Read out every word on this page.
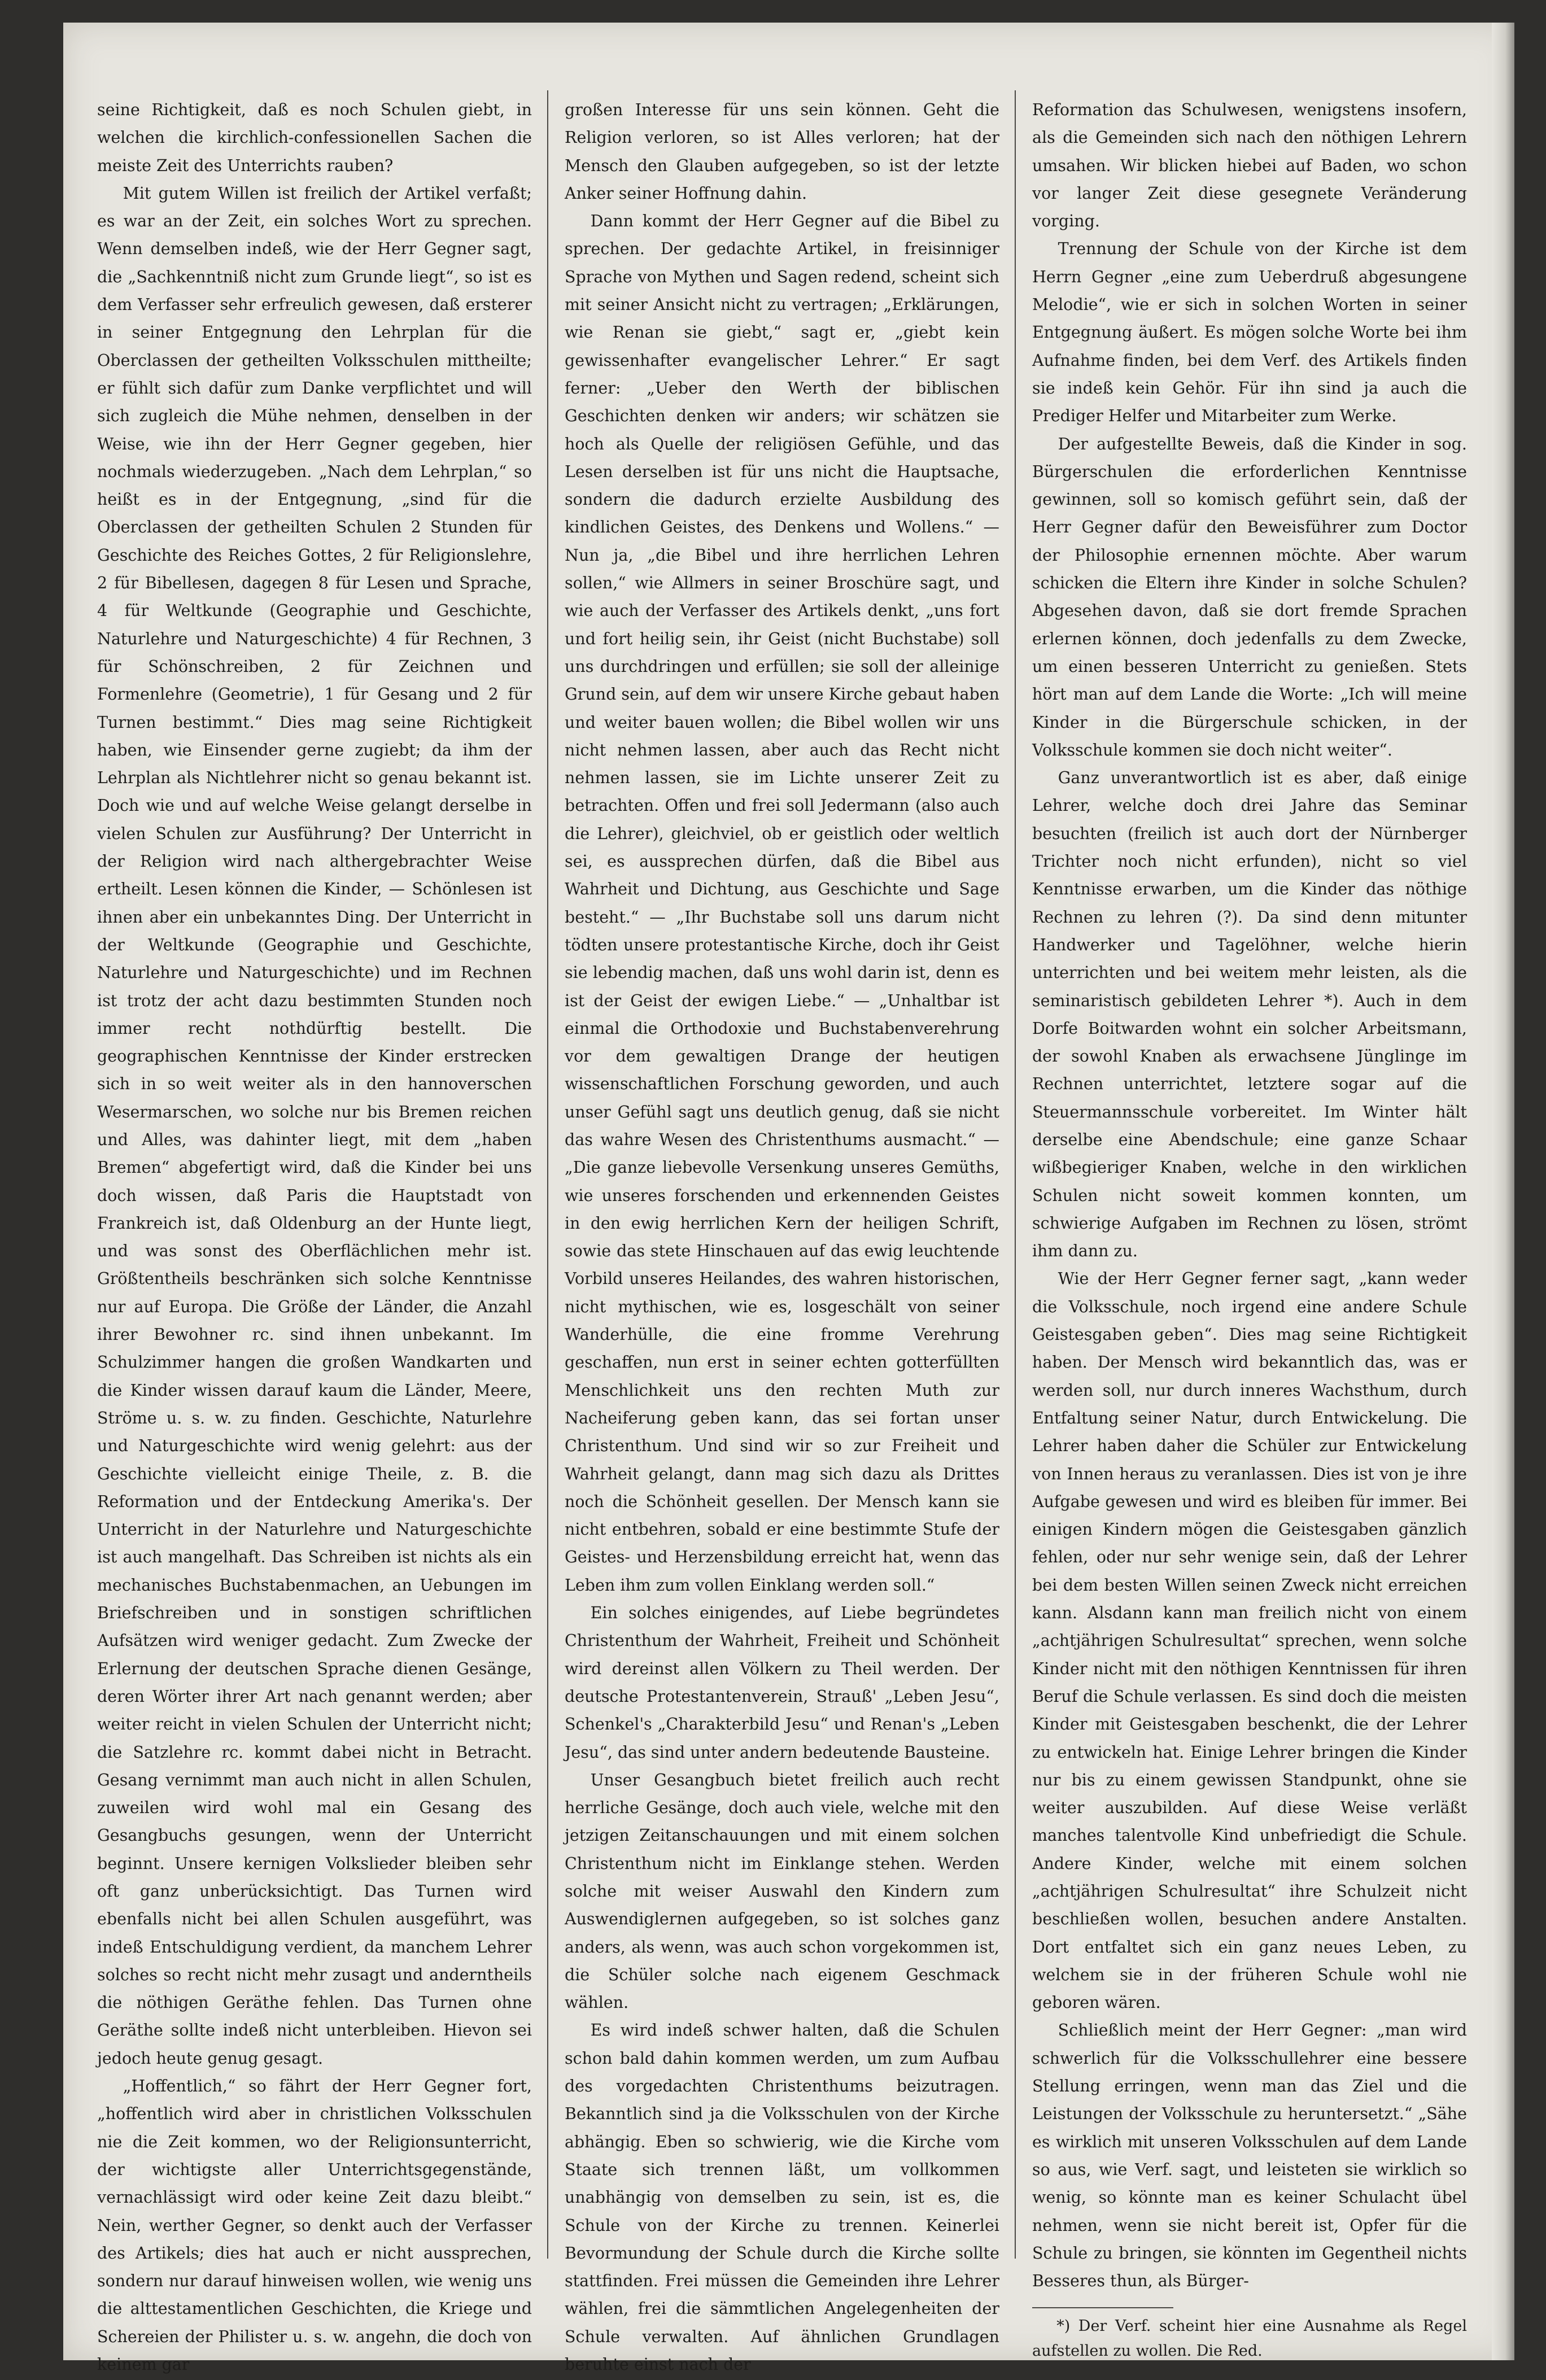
seine Richtigkeit, daß es noch Schulen giebt, in welchen die kirchlich-confessionellen Sachen die meiste Zeit des Unterrichts rauben?

Mit gutem Willen ist freilich der Artikel verfaßt; es war an der Zeit, ein solches Wort zu sprechen. Wenn demselben indeß, wie der Herr Gegner sagt, die „Sachkenntniß nicht zum Grunde liegt“, so ist es dem Verfasser sehr erfreulich gewesen, daß ersterer in seiner Entgegnung den Lehrplan für die Oberclassen der getheilten Volksschulen mittheilte; er fühlt sich dafür zum Danke verpflichtet und will sich zugleich die Mühe nehmen, denselben in der Weise, wie ihn der Herr Gegner gegeben, hier nochmals wiederzugeben. „Nach dem Lehrplan,“ so heißt es in der Entgegnung, „sind für die Oberclassen der getheilten Schulen 2 Stunden für Geschichte des Reiches Gottes, 2 für Religionslehre, 2 für Bibellesen, dagegen 8 für Lesen und Sprache, 4 für Weltkunde (Geographie und Geschichte, Naturlehre und Naturgeschichte) 4 für Rechnen, 3 für Schönschreiben, 2 für Zeichnen und Formenlehre (Geometrie), 1 für Gesang und 2 für Turnen bestimmt.“ Dies mag seine Richtigkeit haben, wie Einsender gerne zugiebt; da ihm der Lehrplan als Nichtlehrer nicht so genau bekannt ist. Doch wie und auf welche Weise gelangt derselbe in vielen Schulen zur Ausführung? Der Unterricht in der Religion wird nach althergebrachter Weise ertheilt. Lesen können die Kinder, — Schönlesen ist ihnen aber ein unbekanntes Ding. Der Unterricht in der Weltkunde (Geographie und Geschichte, Naturlehre und Naturgeschichte) und im Rechnen ist trotz der acht dazu bestimmten Stunden noch immer recht nothdürftig bestellt. Die geographischen Kenntnisse der Kinder erstrecken sich in so weit weiter als in den hannoverschen Wesermarschen, wo solche nur bis Bremen reichen und Alles, was dahinter liegt, mit dem „haben Bremen“ abgefertigt wird, daß die Kinder bei uns doch wissen, daß Paris die Hauptstadt von Frankreich ist, daß Oldenburg an der Hunte liegt, und was sonst des Oberflächlichen mehr ist. Größtentheils beschränken sich solche Kenntnisse nur auf Europa. Die Größe der Länder, die Anzahl ihrer Bewohner rc. sind ihnen unbekannt. Im Schulzimmer hangen die großen Wandkarten und die Kinder wissen darauf kaum die Länder, Meere, Ströme u. s. w. zu finden. Geschichte, Naturlehre und Naturgeschichte wird wenig gelehrt: aus der Geschichte vielleicht einige Theile, z. B. die Reformation und der Entdeckung Amerika's. Der Unterricht in der Naturlehre und Naturgeschichte ist auch mangelhaft. Das Schreiben ist nichts als ein mechanisches Buchstabenmachen, an Uebungen im Briefschreiben und in sonstigen schriftlichen Aufsätzen wird weniger gedacht. Zum Zwecke der Erlernung der deutschen Sprache dienen Gesänge, deren Wörter ihrer Art nach genannt werden; aber weiter reicht in vielen Schulen der Unterricht nicht; die Satzlehre rc. kommt dabei nicht in Betracht. Gesang vernimmt man auch nicht in allen Schulen, zuweilen wird wohl mal ein Gesang des Gesangbuchs gesungen, wenn der Unterricht beginnt. Unsere kernigen Volkslieder bleiben sehr oft ganz unberücksichtigt. Das Turnen wird ebenfalls nicht bei allen Schulen ausgeführt, was indeß Entschuldigung verdient, da manchem Lehrer solches so recht nicht mehr zusagt und anderntheils die nöthigen Geräthe fehlen. Das Turnen ohne Geräthe sollte indeß nicht unterbleiben. Hievon sei jedoch heute genug gesagt.

„Hoffentlich,“ so fährt der Herr Gegner fort, „hoffentlich wird aber in christlichen Volksschulen nie die Zeit kommen, wo der Religionsunterricht, der wichtigste aller Unterrichtsgegenstände, vernachlässigt wird oder keine Zeit dazu bleibt.“ Nein, werther Gegner, so denkt auch der Verfasser des Artikels; dies hat auch er nicht aussprechen, sondern nur darauf hinweisen wollen, wie wenig uns die alttestamentlichen Geschichten, die Kriege und Schereien der Philister u. s. w. angehn, die doch von keinem gar

großen Interesse für uns sein können. Geht die Religion verloren, so ist Alles verloren; hat der Mensch den Glauben aufgegeben, so ist der letzte Anker seiner Hoffnung dahin.

Dann kommt der Herr Gegner auf die Bibel zu sprechen. Der gedachte Artikel, in freisinniger Sprache von Mythen und Sagen redend, scheint sich mit seiner Ansicht nicht zu vertragen; „Erklärungen, wie Renan sie giebt,“ sagt er, „giebt kein gewissenhafter evangelischer Lehrer.“ Er sagt ferner: „Ueber den Werth der biblischen Geschichten denken wir anders; wir schätzen sie hoch als Quelle der religiösen Gefühle, und das Lesen derselben ist für uns nicht die Hauptsache, sondern die dadurch erzielte Ausbildung des kindlichen Geistes, des Denkens und Wollens.“ — Nun ja, „die Bibel und ihre herrlichen Lehren sollen,“ wie Allmers in seiner Broschüre sagt, und wie auch der Verfasser des Artikels denkt, „uns fort und fort heilig sein, ihr Geist (nicht Buchstabe) soll uns durchdringen und erfüllen; sie soll der alleinige Grund sein, auf dem wir unsere Kirche gebaut haben und weiter bauen wollen; die Bibel wollen wir uns nicht nehmen lassen, aber auch das Recht nicht nehmen lassen, sie im Lichte unserer Zeit zu betrachten. Offen und frei soll Jedermann (also auch die Lehrer), gleichviel, ob er geistlich oder weltlich sei, es aussprechen dürfen, daß die Bibel aus Wahrheit und Dichtung, aus Geschichte und Sage besteht.“ — „Ihr Buchstabe soll uns darum nicht tödten unsere protestantische Kirche, doch ihr Geist sie lebendig machen, daß uns wohl darin ist, denn es ist der Geist der ewigen Liebe.“ — „Unhaltbar ist einmal die Orthodoxie und Buchstabenverehrung vor dem gewaltigen Drange der heutigen wissenschaftlichen Forschung geworden, und auch unser Gefühl sagt uns deutlich genug, daß sie nicht das wahre Wesen des Christenthums ausmacht.“ — „Die ganze liebevolle Versenkung unseres Gemüths, wie unseres forschenden und erkennenden Geistes in den ewig herrlichen Kern der heiligen Schrift, sowie das stete Hinschauen auf das ewig leuchtende Vorbild unseres Heilandes, des wahren historischen, nicht mythischen, wie es, losgeschält von seiner Wanderhülle, die eine fromme Verehrung geschaffen, nun erst in seiner echten gotterfüllten Menschlichkeit uns den rechten Muth zur Nacheiferung geben kann, das sei fortan unser Christenthum. Und sind wir so zur Freiheit und Wahrheit gelangt, dann mag sich dazu als Drittes noch die Schönheit gesellen. Der Mensch kann sie nicht entbehren, sobald er eine bestimmte Stufe der Geistes- und Herzensbildung erreicht hat, wenn das Leben ihm zum vollen Einklang werden soll.“

Ein solches einigendes, auf Liebe begründetes Christenthum der Wahrheit, Freiheit und Schönheit wird dereinst allen Völkern zu Theil werden. Der deutsche Protestantenverein, Strauß' „Leben Jesu“, Schenkel's „Charakterbild Jesu“ und Renan's „Leben Jesu“, das sind unter andern bedeutende Bausteine.

Unser Gesangbuch bietet freilich auch recht herrliche Gesänge, doch auch viele, welche mit den jetzigen Zeitanschauungen und mit einem solchen Christenthum nicht im Einklange stehen. Werden solche mit weiser Auswahl den Kindern zum Auswendiglernen aufgegeben, so ist solches ganz anders, als wenn, was auch schon vorgekommen ist, die Schüler solche nach eigenem Geschmack wählen.

Es wird indeß schwer halten, daß die Schulen schon bald dahin kommen werden, um zum Aufbau des vorgedachten Christenthums beizutragen. Bekanntlich sind ja die Volksschulen von der Kirche abhängig. Eben so schwierig, wie die Kirche vom Staate sich trennen läßt, um vollkommen unabhängig von demselben zu sein, ist es, die Schule von der Kirche zu trennen. Keinerlei Bevormundung der Schule durch die Kirche sollte stattfinden. Frei müssen die Gemeinden ihre Lehrer wählen, frei die sämmtlichen Angelegenheiten der Schule verwalten. Auf ähnlichen Grundlagen beruhte einst nach der

Reformation das Schulwesen, wenigstens insofern, als die Gemeinden sich nach den nöthigen Lehrern umsahen. Wir blicken hiebei auf Baden, wo schon vor langer Zeit diese gesegnete Veränderung vorging.

Trennung der Schule von der Kirche ist dem Herrn Gegner „eine zum Ueberdruß abgesungene Melodie“, wie er sich in solchen Worten in seiner Entgegnung äußert. Es mögen solche Worte bei ihm Aufnahme finden, bei dem Verf. des Artikels finden sie indeß kein Gehör. Für ihn sind ja auch die Prediger Helfer und Mitarbeiter zum Werke.

Der aufgestellte Beweis, daß die Kinder in sog. Bürgerschulen die erforderlichen Kenntnisse gewinnen, soll so komisch geführt sein, daß der Herr Gegner dafür den Beweisführer zum Doctor der Philosophie ernennen möchte. Aber warum schicken die Eltern ihre Kinder in solche Schulen? Abgesehen davon, daß sie dort fremde Sprachen erlernen können, doch jedenfalls zu dem Zwecke, um einen besseren Unterricht zu genießen. Stets hört man auf dem Lande die Worte: „Ich will meine Kinder in die Bürgerschule schicken, in der Volksschule kommen sie doch nicht weiter“.

Ganz unverantwortlich ist es aber, daß einige Lehrer, welche doch drei Jahre das Seminar besuchten (freilich ist auch dort der Nürnberger Trichter noch nicht erfunden), nicht so viel Kenntnisse erwarben, um die Kinder das nöthige Rechnen zu lehren (?). Da sind denn mitunter Handwerker und Tagelöhner, welche hierin unterrichten und bei weitem mehr leisten, als die seminaristisch gebildeten Lehrer *). Auch in dem Dorfe Boitwarden wohnt ein solcher Arbeitsmann, der sowohl Knaben als erwachsene Jünglinge im Rechnen unterrichtet, letztere sogar auf die Steuermannsschule vorbereitet. Im Winter hält derselbe eine Abendschule; eine ganze Schaar wißbegieriger Knaben, welche in den wirklichen Schulen nicht soweit kommen konnten, um schwierige Aufgaben im Rechnen zu lösen, strömt ihm dann zu.

Wie der Herr Gegner ferner sagt, „kann weder die Volksschule, noch irgend eine andere Schule Geistesgaben geben“. Dies mag seine Richtigkeit haben. Der Mensch wird bekanntlich das, was er werden soll, nur durch inneres Wachsthum, durch Entfaltung seiner Natur, durch Entwickelung. Die Lehrer haben daher die Schüler zur Entwickelung von Innen heraus zu veranlassen. Dies ist von je ihre Aufgabe gewesen und wird es bleiben für immer. Bei einigen Kindern mögen die Geistesgaben gänzlich fehlen, oder nur sehr wenige sein, daß der Lehrer bei dem besten Willen seinen Zweck nicht erreichen kann. Alsdann kann man freilich nicht von einem „achtjährigen Schulresultat“ sprechen, wenn solche Kinder nicht mit den nöthigen Kenntnissen für ihren Beruf die Schule verlassen. Es sind doch die meisten Kinder mit Geistesgaben beschenkt, die der Lehrer zu entwickeln hat. Einige Lehrer bringen die Kinder nur bis zu einem gewissen Standpunkt, ohne sie weiter auszubilden. Auf diese Weise verläßt manches talentvolle Kind unbefriedigt die Schule. Andere Kinder, welche mit einem solchen „achtjährigen Schulresultat“ ihre Schulzeit nicht beschließen wollen, besuchen andere Anstalten. Dort entfaltet sich ein ganz neues Leben, zu welchem sie in der früheren Schule wohl nie geboren wären.

Schließlich meint der Herr Gegner: „man wird schwerlich für die Volksschullehrer eine bessere Stellung erringen, wenn man das Ziel und die Leistungen der Volksschule zu heruntersetzt.“ „Sähe es wirklich mit unseren Volksschulen auf dem Lande so aus, wie Verf. sagt, und leisteten sie wirklich so wenig, so könnte man es keiner Schulacht übel nehmen, wenn sie nicht bereit ist, Opfer für die Schule zu bringen, sie könnten im Gegentheil nichts Besseres thun, als Bürger-

*) Der Verf. scheint hier eine Ausnahme als Regel aufstellen zu wollen. Die Red.
